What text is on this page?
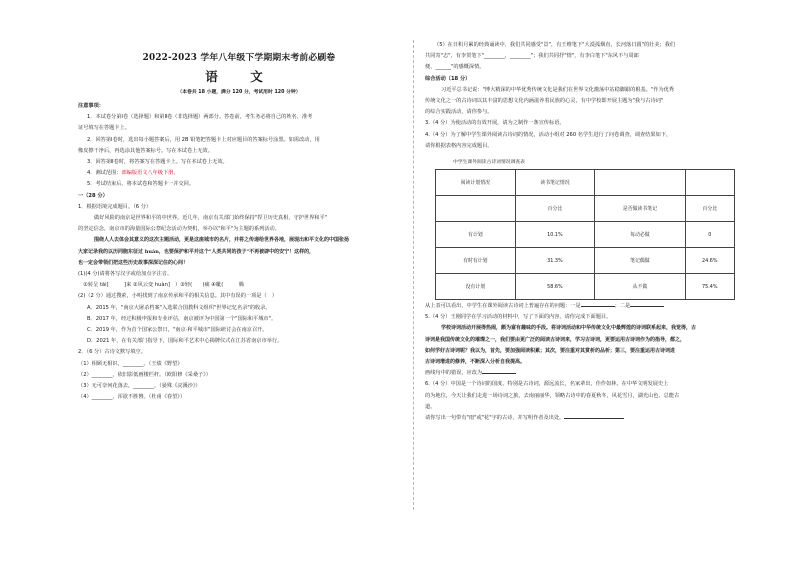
2022-2023 学年八年级下学期期末考前必刷卷
语　文
（本卷共 18 小题，满分 120 分，考试用时 120 分钟）
注意事项：
1．本试卷分第Ⅰ卷（选择题）和第Ⅱ卷（非选择题）两部分。答卷前，考生务必将自己的姓名、准考
证号填写在答题卡上。
2．回答第Ⅰ卷时，选出每小题答案后，用 2B 铅笔把答题卡上对应题目的答案标号涂黑。如需改动，用
橡皮擦干净后，再选涂其他答案标号。写在本试卷上无效。
3．回答第Ⅱ卷时，将答案写在答题卡上。写在本试卷上无效。
4．测试范围：部编版语文八年级下册。
5．考试结束后，将本试卷和答题卡一并交回。
一（28 分）
1．根据语境完成题目。（6 分）
做好风险的南京是世界和平的中世界。近几年，南京有关部门始终保持"捍卫历史真相，守护世界和平"
的坚定信念，南京市的海量国际公祭纪念活动为契机，举办以"和平"为主题的系列活动。
围绕人人去体会其意义的这次主题活动，更是这座城市的名片，并将之传递给世界各地，展现出和平文化的中国张扬
大家记录我的以历同胞东征过 huán，也要保护和平并这个"人类共同的孩子"不再被辟中的安宁！这样的，
也一定会带领们把这些历史故事深深记住的心间！
(1)(4 分)请将各写汉字或给加点字注音。
　①转呈 tāi]　　　]来 ②风云变 huàn]　）③轻(　　)痛 ④眦(　　　腾
(2)（2 分）通过搜索，小明找到了南京传承和平的相关信息。其中有误的一项是（　）
A．2015 年，"南京大屠杀档案"入选联合国教科文组织"世界记忆名录"的收录。
B．2017 年，经过积极申报和专业评估，南京被评为中国第一个"国际和平城市"。
C．2019 年，作为首个国家公祭日，"南京·和平城市"国际研讨会在南京召开。
D．2021 年，在有关部门指导下，国际和平艺术中心揭牌仪式在江苏省南京市举行。
2．（6 分）古诗文默写填空。
（1）相顾无相识，________。（王绩《野望》
（2）________，依旧影低画楼栏杆。（欧阳修《采桑子》）
（3）无可奈何花落去，________。（晏殊《浣溪沙》）
（4）________，浑欲不胜簪。（杜甫《春望》）
（5）在日积月累的经典诵读中，我们共同感受"景"，有王维笔下"大漠孤烟直，长河落日圆"的壮美；我们
共同寄"志"，有李贺笔下"________，________"；我们共同抒"情"，有李白笔下"东风不与周郎
便，______"的感慨深情。
综合活动（18 分）
习近平总书记说："博大精深的中华优秀传统文化是我们在世界文化激荡中站稳脚跟的根基。"作为优秀
传统文化之一的古诗词以其丰富的思想文化内涵滋养着民族的心灵，有中学校即开展主题为"我与古诗词"
的综合实践活动，请你参与。
3.（4 分）为使活动的有效开展，请为之制作一条宣传标语。
4.（4 分）为了解中学生课外阅读古诗词的情况，活动小组对 260 名学生进行了问卷调查，调查结果如下，
请你根据表格内容完成题目。
中学生课外阅读古诗词情况调查表
阅读计划情况	读书笔记情况		
	百分比	是否做读书笔记	百分比
有计划	10.1%	每动必做	0
有时有计划	31.3%	笔记偶做	24.6%
没有计划	58.6%	从不做	75.4%
从上表可以看出，中学生在课外阅读古诗词上普遍存在的问题：一是	；二是
5.（4 分）王刚同学在学习活动的材料中，写了下面的内容，请你完成下面题目。
学校诗词活动开展得热闹，颇为富有趣味的手段。将诗词活动和中华传统文化中最辉煌的诗词联系起来，我觉得，古
诗词是我国传统文化的璀璨之一，我们要由更广泛的阅读古诗词来，学习古诗词，更要运用古诗词作为的指导，都之，
如何学好古诗词呢？我以为，首先，要加强阅读积累；其次，要注重对其赏析的品析；第三，要注重运用古诗词进
古诗词增进的修养，不断深入分析自我提高。
画线句中的错误，应改为
6.（4 分）中国是一个诗词的国度。特别是古诗词，源远流长，名家辈出，佳作如林，在中华文明发展史上
的为地位，今天让我们走进一场诗词之旅，去南丽丽华，领略古诗中的春夏秋冬，风花雪月，湖光山色，总能古
道。
请你写出一句带有"雨"或"花"字的古诗，并写明作者及出处。
